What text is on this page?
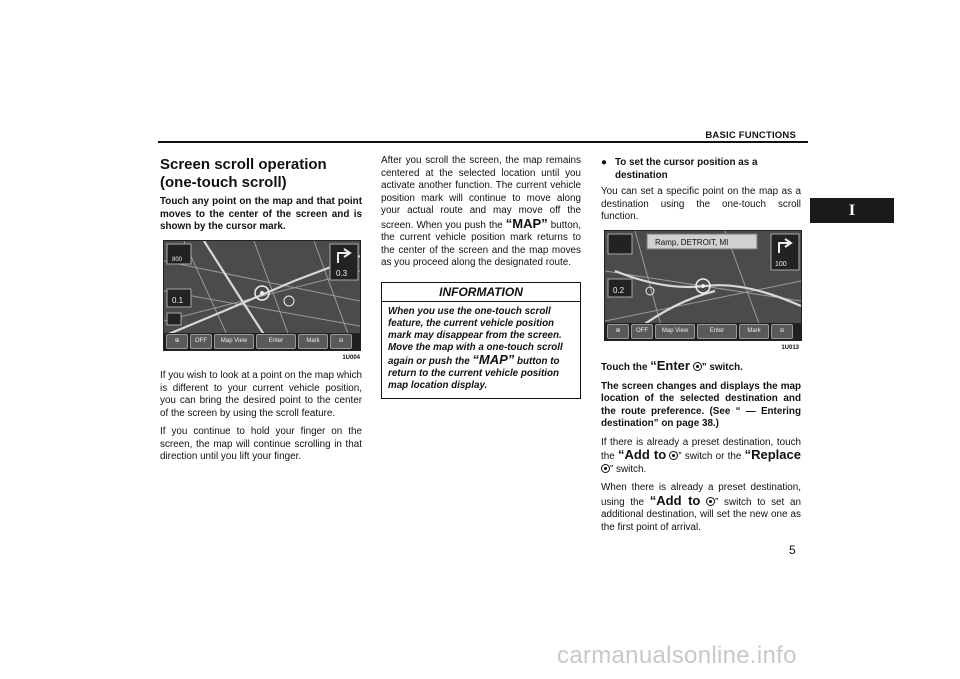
BASIC FUNCTIONS
I
Screen scroll operation
(one-touch scroll)

Touch any point on the map and that point moves to the center of the screen and is shown by the cursor mark.

800
0.1
0.3
⊕	OFF	Map View	Enter	Mark	⊖
1U004

If you wish to look at a point on the map which is different to your current vehicle position, you can bring the desired point to the center of the screen by using the scroll feature.

If you continue to hold your finger on the screen, the map will continue scrolling in that direction until you lift your finger.

After you scroll the screen, the map remains centered at the selected location until you activate another function. The current vehicle position mark will continue to move along your actual route and may move off the screen. When you push the “MAP” button, the current vehicle position mark returns to the center of the screen and the map moves as you proceed along the designated route.

INFORMATION
When you use the one-touch scroll feature, the current vehicle position mark may disappear from the screen. Move the map with a one-touch scroll again or push the “MAP” button to return to the current vehicle position map location display.
● To set the cursor position as a destination

You can set a specific point on the map as a destination using the one-touch scroll function.

Ramp, DETROIT, MI
100
0.2
⊕	OFF	Map View	Enter	Mark	⊖
1U013

Touch the “Enter ” switch.

The screen changes and displays the map location of the selected destination and the route preference. (See “ — Entering destination” on page 38.)

If there is already a preset destination, touch the “Add to ” switch or the “Replace ” switch.

When there is already a preset destination, using the “Add to ” switch to set an additional destination, will set the new one as the first point of arrival.

5
carmanualsonline.info
